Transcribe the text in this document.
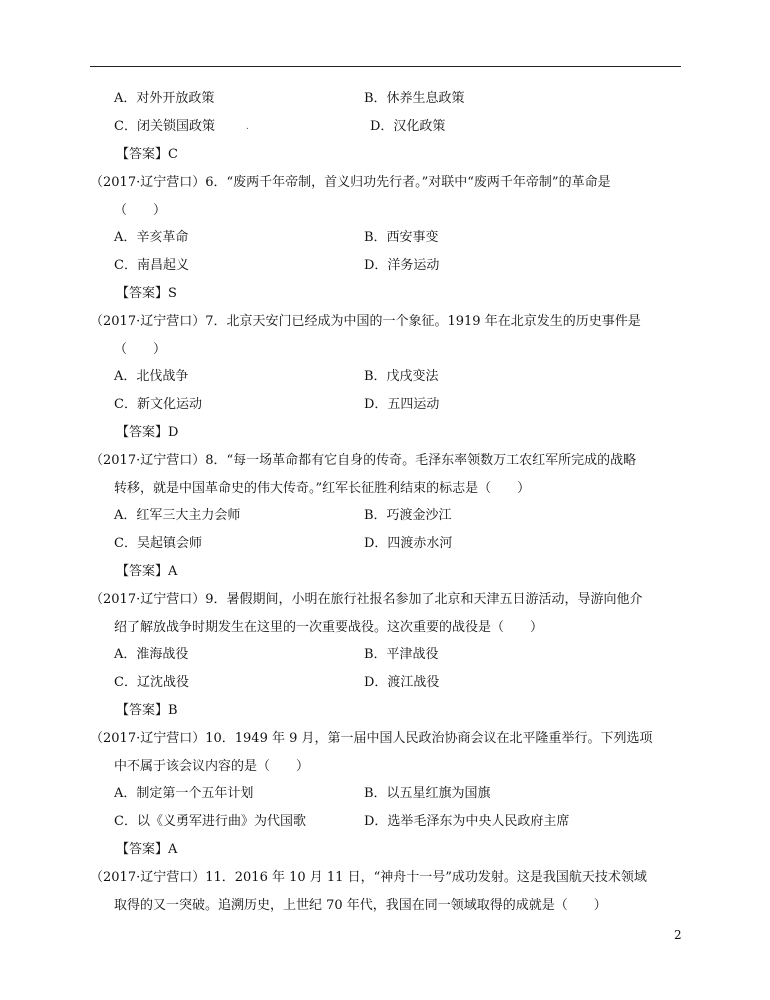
A．对外开放政策	B．休养生息政策
C．闭关锁国政策	.	D．汉化政策
【答案】C
（2017·辽宁营口）6．“废两千年帝制，首义归功先行者。”对联中“废两千年帝制”的革命是
（　　）
A．辛亥革命	B．西安事变
C．南昌起义	D．洋务运动
【答案】S
（2017·辽宁营口）7．北京天安门已经成为中国的一个象征。1919 年在北京发生的历史事件是
（　　）
A．北伐战争	B．戊戌变法
C．新文化运动	D．五四运动
【答案】D
（2017·辽宁营口）8．“每一场革命都有它自身的传奇。毛泽东率领数万工农红军所完成的战略
转移，就是中国革命史的伟大传奇。”红军长征胜利结束的标志是（　　）
A．红军三大主力会师	B．巧渡金沙江
C．吴起镇会师	D．四渡赤水河
【答案】A
（2017·辽宁营口）9．暑假期间，小明在旅行社报名参加了北京和天津五日游活动，导游向他介
绍了解放战争时期发生在这里的一次重要战役。这次重要的战役是（　　）
A．淮海战役	B．平津战役
C．辽沈战役	D．渡江战役
【答案】B
（2017·辽宁营口）10．1949 年 9 月，第一届中国人民政治协商会议在北平隆重举行。下列选项
中不属于该会议内容的是（　　）
A．制定第一个五年计划	B．以五星红旗为国旗
C．以《义勇军进行曲》为代国歌	D．选举毛泽东为中央人民政府主席
【答案】A
（2017·辽宁营口）11．2016 年 10 月 11 日，“神舟十一号”成功发射。这是我国航天技术领域
取得的又一突破。追溯历史，上世纪 70 年代，我国在同一领域取得的成就是（　　）
2
